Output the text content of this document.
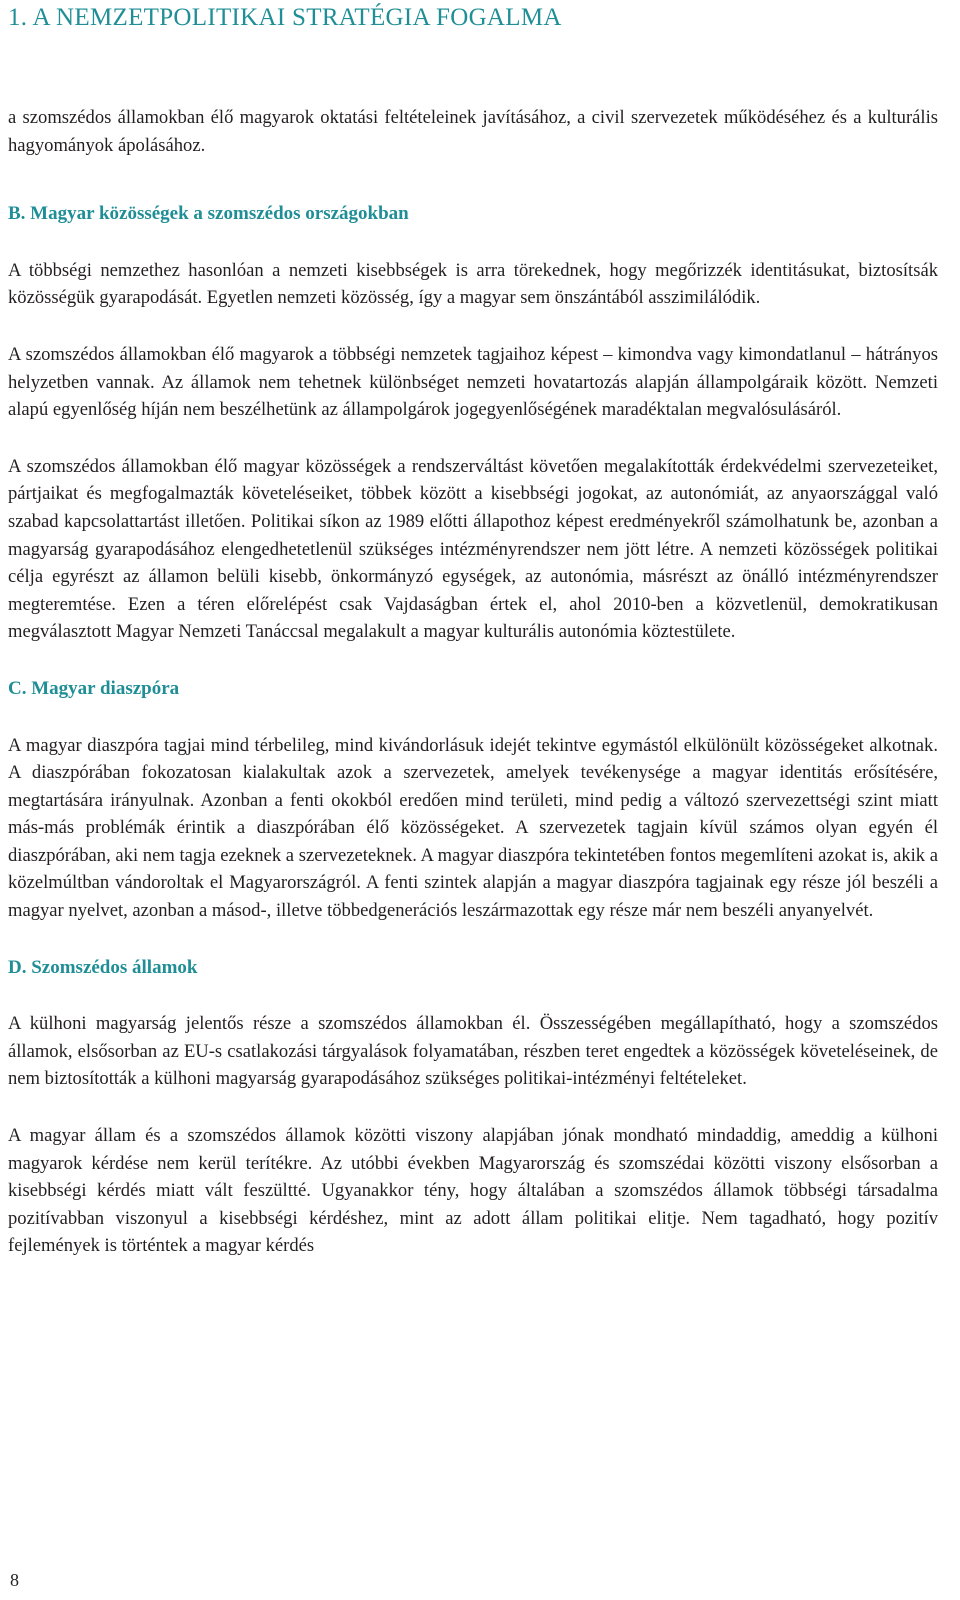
1. A NEMZETPOLITIKAI STRATÉGIA FOGALMA

a szomszédos államokban élő magyarok oktatási feltételeinek javításához, a civil szervezetek működéséhez és a kulturális hagyományok ápolásához.

B. Magyar közösségek a szomszédos országokban

A többségi nemzethez hasonlóan a nemzeti kisebbségek is arra törekednek, hogy megőrizzék identitásukat, biztosítsák közösségük gyarapodását. Egyetlen nemzeti közösség, így a magyar sem önszántából asszimilálódik.

A szomszédos államokban élő magyarok a többségi nemzetek tagjaihoz képest – kimondva vagy kimondatlanul – hátrányos helyzetben vannak. Az államok nem tehetnek különbséget nemzeti hovatartozás alapján állampolgáraik között. Nemzeti alapú egyenlőség híján nem beszélhetünk az állampolgárok jogegyenlőségének maradéktalan megvalósulásáról.

A szomszédos államokban élő magyar közösségek a rendszerváltást követően megalakították érdekvédelmi szervezeteiket, pártjaikat és megfogalmazták követeléseiket, többek között a kisebbségi jogokat, az autonómiát, az anyaországgal való szabad kapcsolattartást illetően. Politikai síkon az 1989 előtti állapothoz képest eredményekről számolhatunk be, azonban a magyarság gyarapodásához elengedhetetlenül szükséges intézményrendszer nem jött létre. A nemzeti közösségek politikai célja egyrészt az államon belüli kisebb, önkormányzó egységek, az autonómia, másrészt az önálló intézményrendszer megteremtése. Ezen a téren előrelépést csak Vajdaságban értek el, ahol 2010-ben a közvetlenül, demokratikusan megválasztott Magyar Nemzeti Tanáccsal megalakult a magyar kulturális autonómia köztestülete.

C. Magyar diaszpóra

A magyar diaszpóra tagjai mind térbelileg, mind kivándorlásuk idejét tekintve egymástól elkülönült közösségeket alkotnak. A diaszpórában fokozatosan kialakultak azok a szervezetek, amelyek tevékenysége a magyar identitás erősítésére, megtartására irányulnak. Azonban a fenti okokból eredően mind területi, mind pedig a változó szervezettségi szint miatt más-más problémák érintik a diaszpórában élő közösségeket. A szervezetek tagjain kívül számos olyan egyén él diaszpórában, aki nem tagja ezeknek a szervezeteknek. A magyar diaszpóra tekintetében fontos megemlíteni azokat is, akik a közelmúltban vándoroltak el Magyarországról. A fenti szintek alapján a magyar diaszpóra tagjainak egy része jól beszéli a magyar nyelvet, azonban a másod-, illetve többedgenerációs leszármazottak egy része már nem beszéli anyanyelvét.

D. Szomszédos államok

A külhoni magyarság jelentős része a szomszédos államokban él. Összességében megállapítható, hogy a szomszédos államok, elsősorban az EU-s csatlakozási tárgyalások folyamatában, részben teret engedtek a közösségek követeléseinek, de nem biztosították a külhoni magyarság gyarapodásához szükséges politikai-intézményi feltételeket.

A magyar állam és a szomszédos államok közötti viszony alapjában jónak mondható mindaddig, ameddig a külhoni magyarok kérdése nem kerül terítékre. Az utóbbi években Magyarország és szomszédai közötti viszony elsősorban a kisebbségi kérdés miatt vált feszültté. Ugyanakkor tény, hogy általában a szomszédos államok többségi társadalma pozitívabban viszonyul a kisebbségi kérdéshez, mint az adott állam politikai elitje. Nem tagadható, hogy pozitív fejlemények is történtek a magyar kérdés

8
